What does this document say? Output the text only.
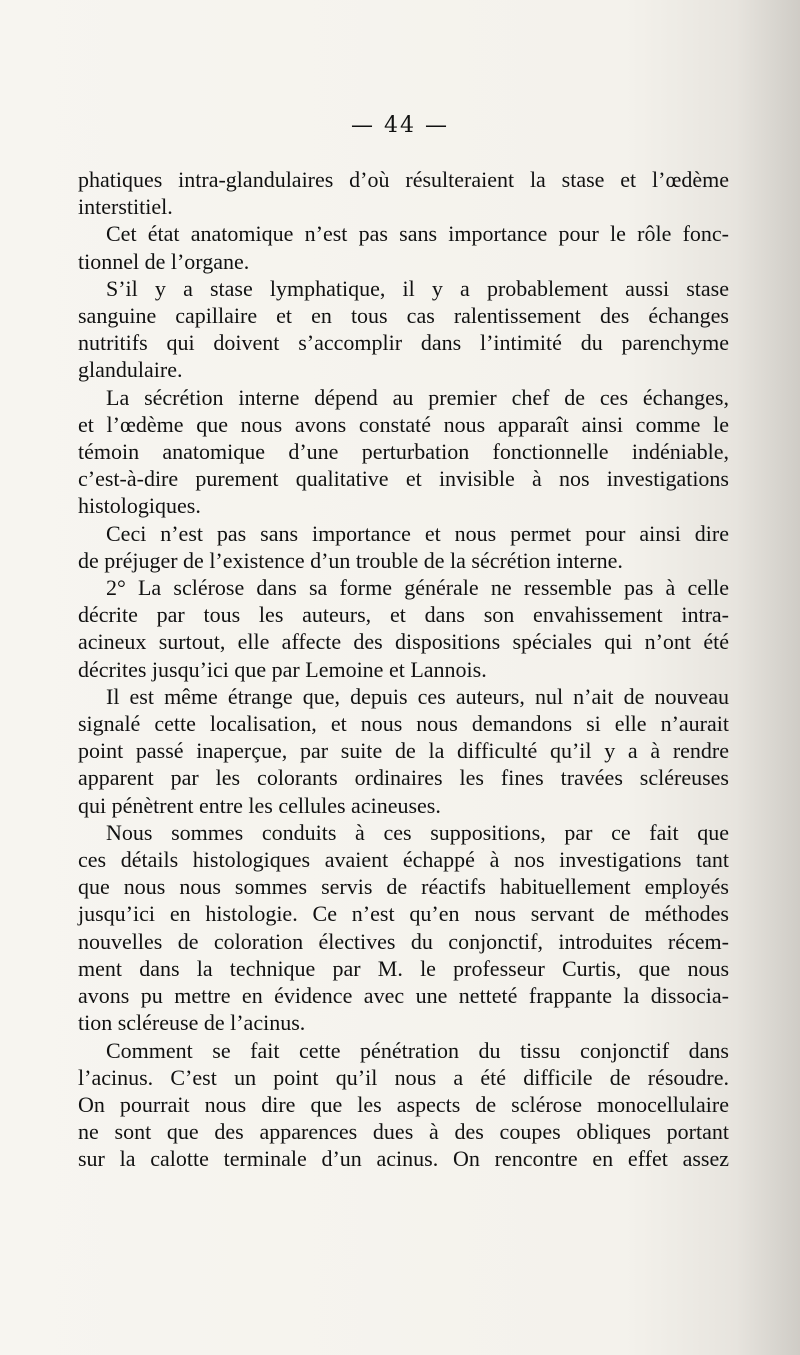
— 44 —
phatiques intra-glandulaires d’où résulteraient la stase et l’œdème
interstitiel.
Cet état anatomique n’est pas sans importance pour le rôle fonc-
tionnel de l’organe.
S’il y a stase lymphatique, il y a probablement aussi stase
sanguine capillaire et en tous cas ralentissement des échanges
nutritifs qui doivent s’accomplir dans l’intimité du parenchyme
glandulaire.
La sécrétion interne dépend au premier chef de ces échanges,
et l’œdème que nous avons constaté nous apparaît ainsi comme le
témoin anatomique d’une perturbation fonctionnelle indéniable,
c’est-à-dire purement qualitative et invisible à nos investigations
histologiques.
Ceci n’est pas sans importance et nous permet pour ainsi dire
de préjuger de l’existence d’un trouble de la sécrétion interne.
2° La sclérose dans sa forme générale ne ressemble pas à celle
décrite par tous les auteurs, et dans son envahissement intra-
acineux surtout, elle affecte des dispositions spéciales qui n’ont été
décrites jusqu’ici que par Lemoine et Lannois.
Il est même étrange que, depuis ces auteurs, nul n’ait de nouveau
signalé cette localisation, et nous nous demandons si elle n’aurait
point passé inaperçue, par suite de la difficulté qu’il y a à rendre
apparent par les colorants ordinaires les fines travées scléreuses
qui pénètrent entre les cellules acineuses.
Nous sommes conduits à ces suppositions, par ce fait que
ces détails histologiques avaient échappé à nos investigations tant
que nous nous sommes servis de réactifs habituellement employés
jusqu’ici en histologie. Ce n’est qu’en nous servant de méthodes
nouvelles de coloration électives du conjonctif, introduites récem-
ment dans la technique par M. le professeur Curtis, que nous
avons pu mettre en évidence avec une netteté frappante la dissocia-
tion scléreuse de l’acinus.
Comment se fait cette pénétration du tissu conjonctif dans
l’acinus. C’est un point qu’il nous a été difficile de résoudre.
On pourrait nous dire que les aspects de sclérose monocellulaire
ne sont que des apparences dues à des coupes obliques portant
sur la calotte terminale d’un acinus. On rencontre en effet assez
